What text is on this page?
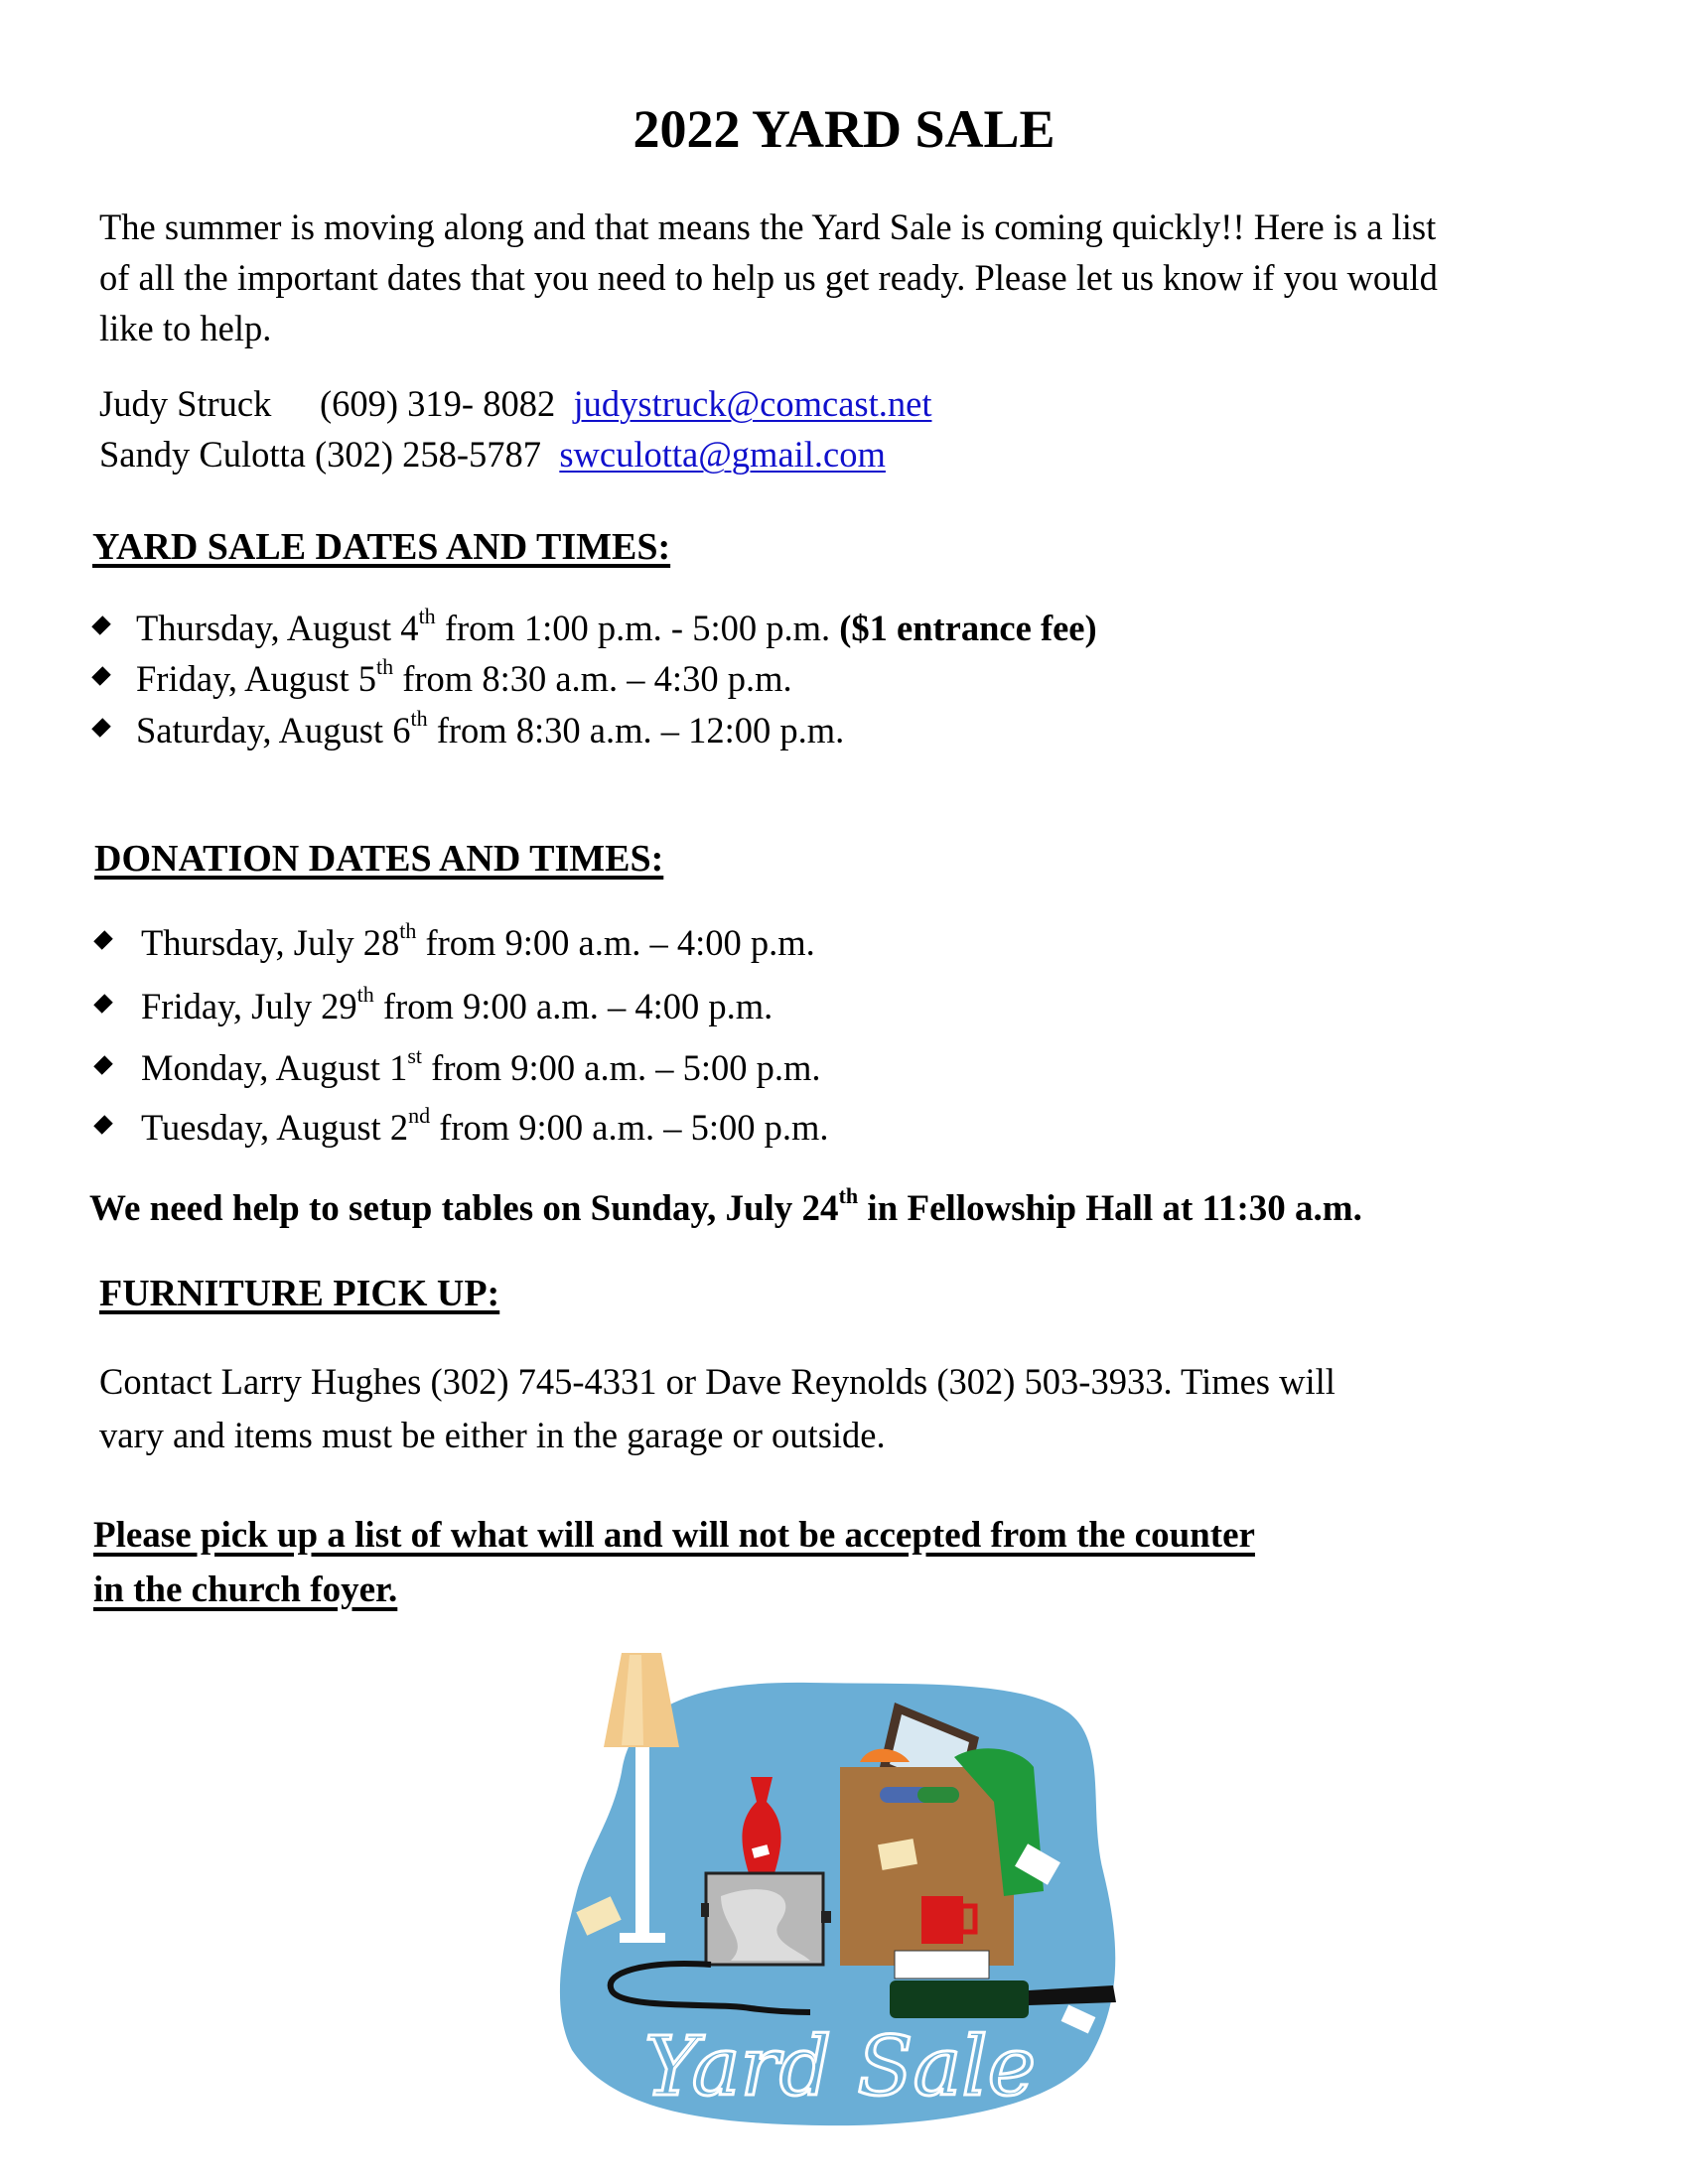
2022 YARD SALE
The summer is moving along and that means the Yard Sale is coming quickly!! Here is a list
of all the important dates that you need to help us get ready. Please let us know if you would
like to help.
Judy Struck (609) 319- 8082 judystruck@comcast.net
Sandy Culotta (302) 258-5787 swculotta@gmail.com
YARD SALE DATES AND TIMES:
Thursday, August 4th from 1:00 p.m. - 5:00 p.m. ($1 entrance fee)
Friday, August 5th from 8:30 a.m. – 4:30 p.m.
Saturday, August 6th from 8:30 a.m. – 12:00 p.m.
DONATION DATES AND TIMES:
Thursday, July 28th from 9:00 a.m. – 4:00 p.m.
Friday, July 29th from 9:00 a.m. – 4:00 p.m.
Monday, August 1st from 9:00 a.m. – 5:00 p.m.
Tuesday, August 2nd from 9:00 a.m. – 5:00 p.m.
We need help to setup tables on Sunday, July 24th in Fellowship Hall at 11:30 a.m.
FURNITURE PICK UP:
Contact Larry Hughes (302) 745-4331 or Dave Reynolds (302) 503-3933. Times will
vary and items must be either in the garage or outside.
Please pick up a list of what will and will not be accepted from the counter
in the church foyer.
Yard Sale
